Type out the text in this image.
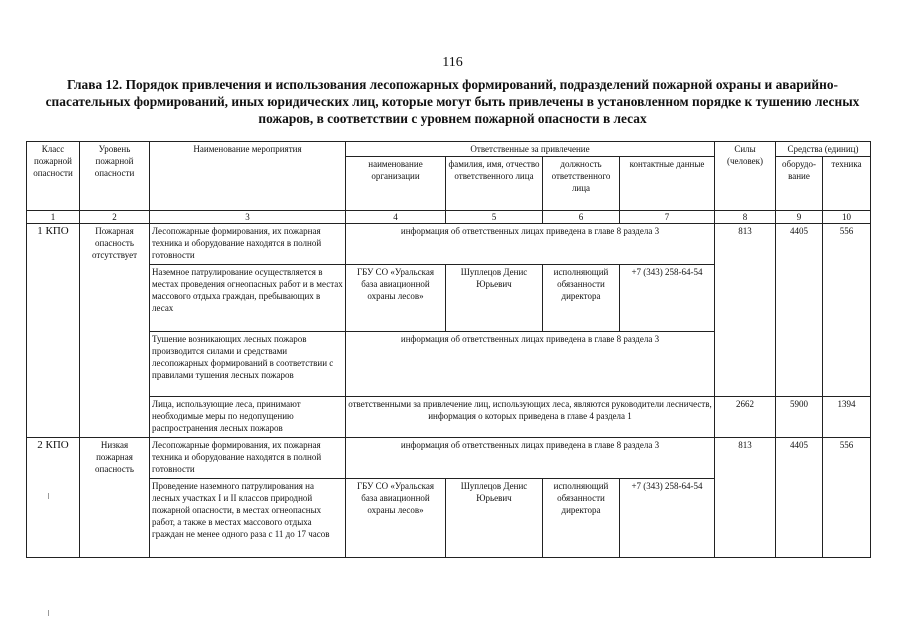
116
Глава 12. Порядок привлечения и использования лесопожарных формирований, подразделений пожарной охраны и аварийно-спасательных формирований, иных юридических лиц, которые могут быть привлечены в установленном порядке к тушению лесных пожаров, в соответствии с уровнем пожарной опасности в лесах
Класс пожарной опасности	Уровень пожарной опасности	Наименование мероприятия	Ответственные за привлечение				Силы (человек)	Средства (единиц)	
			наименование организации	фамилия, имя, отчество ответственного лица	должность ответственного лица	контактные данные		оборудо-вание	техника
1	2	3	4	5	6	7	8	9	10
1 КПО	Пожарная опасность отсутствует	Лесопожарные формирования, их пожарная техника и оборудование находятся в полной готовности	информация об ответственных лицах приведена в главе 8 раздела 3				813	4405	556
		Наземное патрулирование осуществляется в местах проведения огнеопасных работ и в местах массового отдыха граждан, пребывающих в лесах	ГБУ СО «Уральская база авиационной охраны лесов»	Шуплецов Денис Юрьевич	исполняющий обязанности директора	+7 (343) 258-64-54			
		Тушение возникающих лесных пожаров производится силами и средствами лесопожарных формирований в соответствии с правилами тушения лесных пожаров	информация об ответственных лицах приведена в главе 8 раздела 3						
		Лица, использующие леса, принимают необходимые меры по недопущению распространения лесных пожаров	ответственными за привлечение лиц, использующих леса, являются руководители лесничеств, информация о которых приведена в главе 4 раздела 1				2662	5900	1394
2 КПО	Низкая пожарная опасность	Лесопожарные формирования, их пожарная техника и оборудование находятся в полной готовности	информация об ответственных лицах приведена в главе 8 раздела 3				813	4405	556
		Проведение наземного патрулирования на лесных участках I и II классов природной пожарной опасности, в местах огнеопасных работ, а также в местах массового отдыха граждан не менее одного раза с 11 до 17 часов	ГБУ СО «Уральская база авиационной охраны лесов»	Шуплецов Денис Юрьевич	исполняющий обязанности директора	+7 (343) 258-64-54			
